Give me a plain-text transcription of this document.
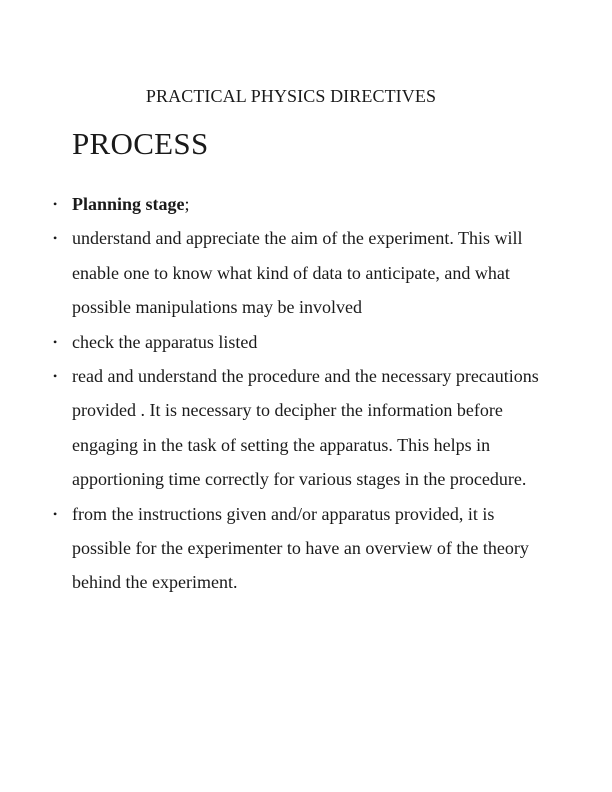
PRACTICAL PHYSICS DIRECTIVES
PROCESS
• Planning stage;
• understand and appreciate the aim of the experiment. This will enable one to know what kind of data to anticipate, and what possible manipulations may be involved
• check the apparatus listed
• read and understand the procedure and the necessary precautions provided . It is necessary to decipher the information before engaging in the task of setting the apparatus. This helps in apportioning time correctly for various stages in the procedure.
• from the instructions given and/or apparatus provided, it is possible for the experimenter to have an overview of the theory behind the experiment.
